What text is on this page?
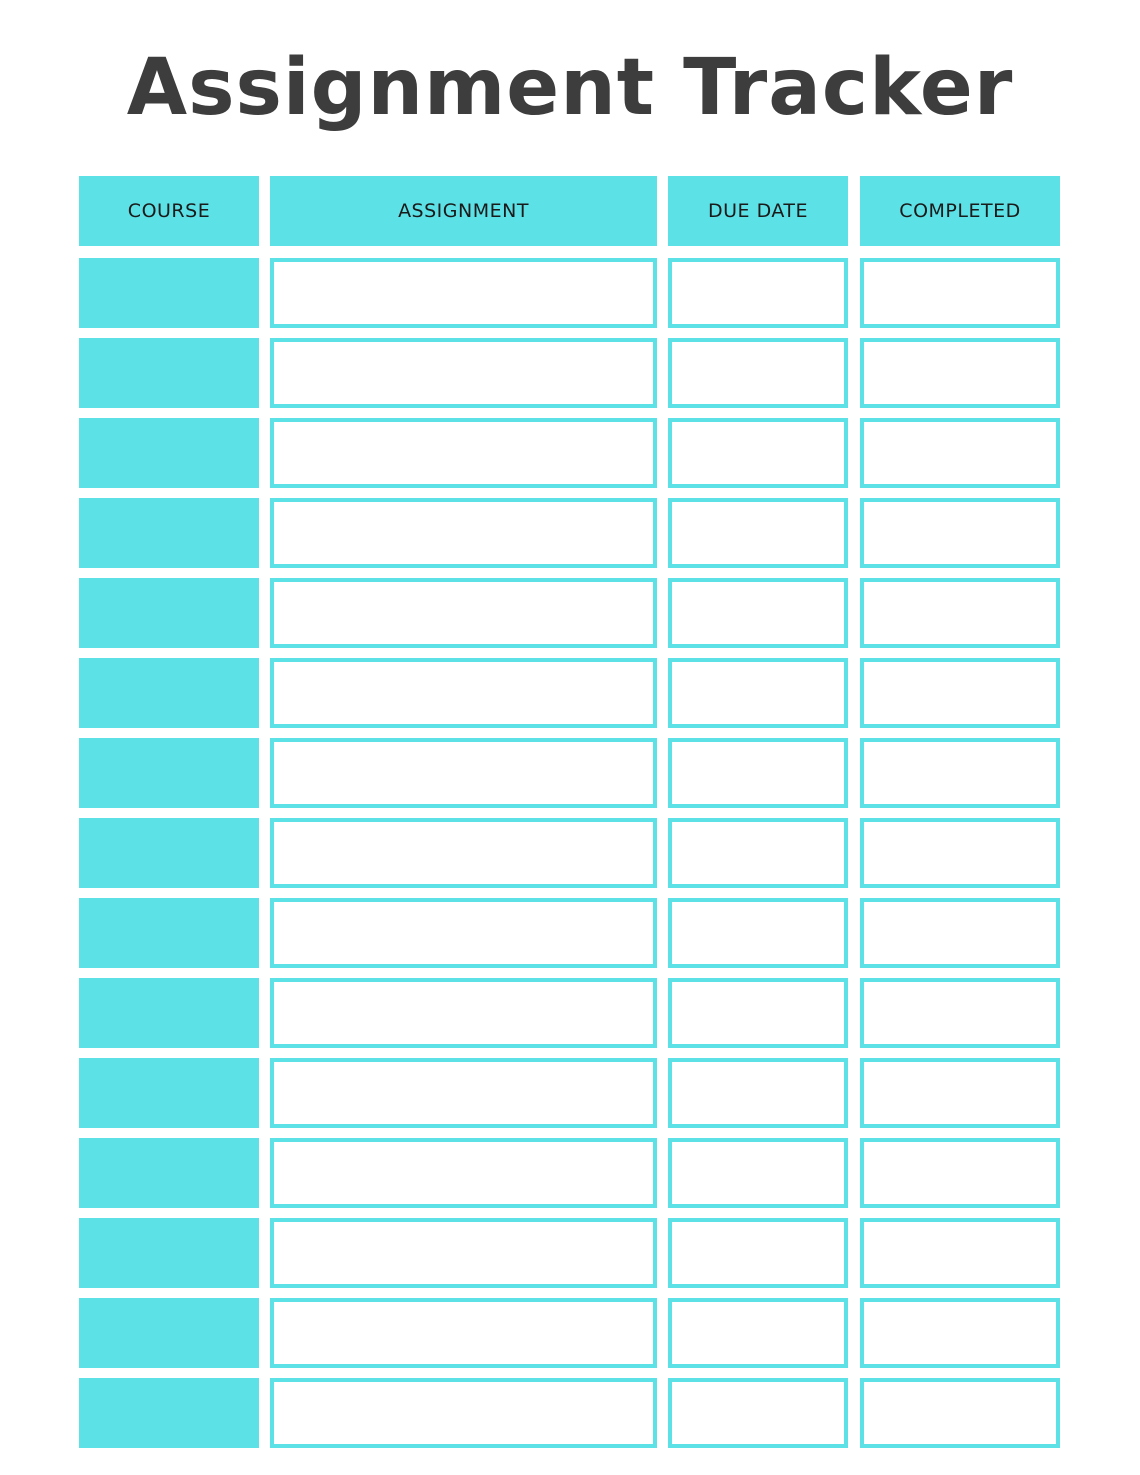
Assignment Tracker
COURSE	ASSIGNMENT	DUE DATE	COMPLETED
